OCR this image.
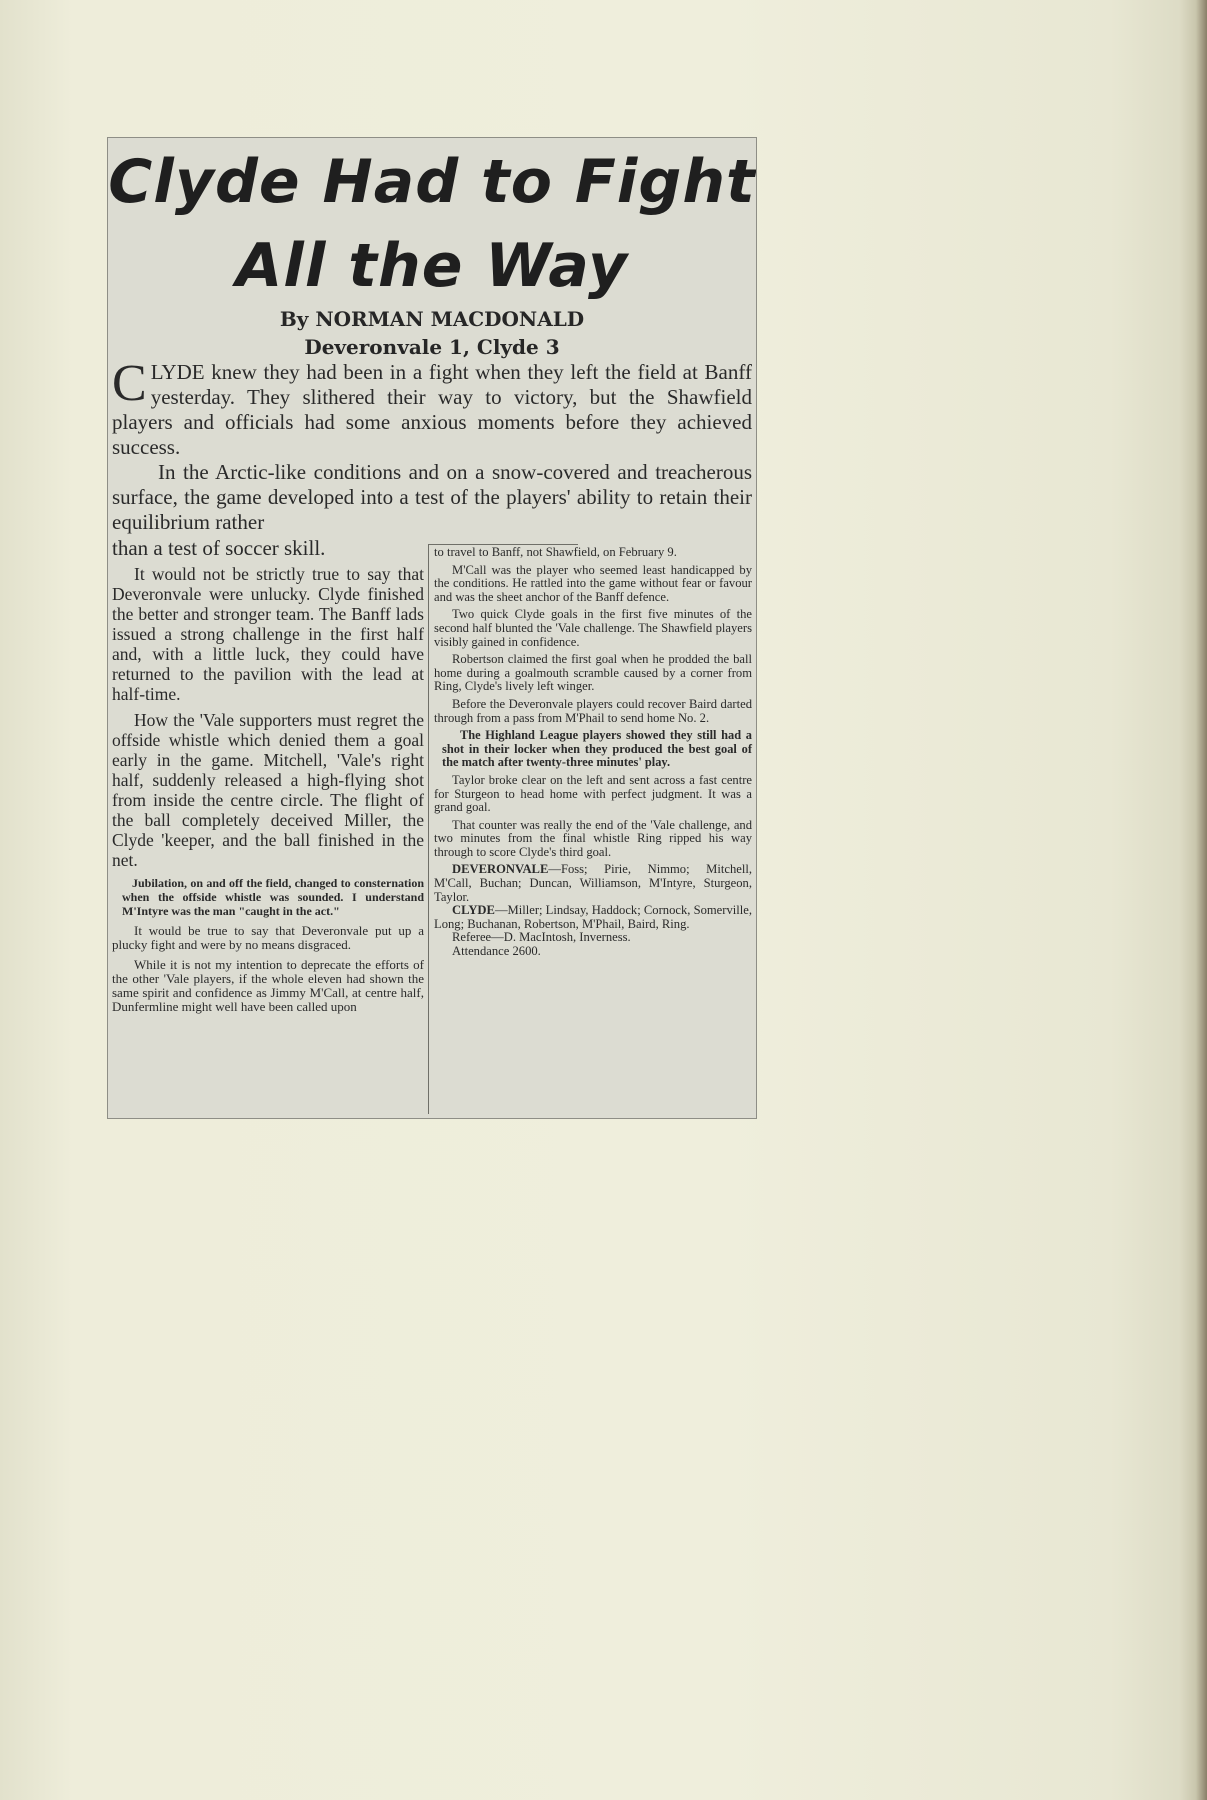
Clyde Had to Fight
All the Way
By NORMAN MACDONALD
Deveronvale 1, Clyde 3

CLYDE knew they had been in a fight when they left the field at Banff yesterday. They slithered their way to victory, but the Shawfield players and officials had some anxious moments before they achieved success.

In the Arctic-like conditions and on a snow-covered and treacherous surface, the game developed into a test of the players' ability to retain their equilibrium rather

than a test of soccer skill.

It would not be strictly true to say that Deveronvale were unlucky. Clyde finished the better and stronger team. The Banff lads issued a strong challenge in the first half and, with a little luck, they could have returned to the pavilion with the lead at half-time.

How the 'Vale supporters must regret the offside whistle which denied them a goal early in the game. Mitchell, 'Vale's right half, suddenly released a high-flying shot from inside the centre circle. The flight of the ball completely deceived Miller, the Clyde 'keeper, and the ball finished in the net.

Jubilation, on and off the field, changed to consternation when the offside whistle was sounded. I understand M'Intyre was the man "caught in the act."

It would be true to say that Deveronvale put up a plucky fight and were by no means disgraced.

While it is not my intention to deprecate the efforts of the other 'Vale players, if the whole eleven had shown the same spirit and confidence as Jimmy M'Call, at centre half, Dunfermline might well have been called upon

to travel to Banff, not Shawfield, on February 9.

M'Call was the player who seemed least handicapped by the conditions. He rattled into the game without fear or favour and was the sheet anchor of the Banff defence.

Two quick Clyde goals in the first five minutes of the second half blunted the 'Vale challenge. The Shawfield players visibly gained in confidence.

Robertson claimed the first goal when he prodded the ball home during a goalmouth scramble caused by a corner from Ring, Clyde's lively left winger.

Before the Deveronvale players could recover Baird darted through from a pass from M'Phail to send home No. 2.

The Highland League players showed they still had a shot in their locker when they produced the best goal of the match after twenty-three minutes' play.

Taylor broke clear on the left and sent across a fast centre for Sturgeon to head home with perfect judgment. It was a grand goal.

That counter was really the end of the 'Vale challenge, and two minutes from the final whistle Ring ripped his way through to score Clyde's third goal.

DEVERONVALE—Foss; Pirie, Nimmo; Mitchell, M'Call, Buchan; Duncan, Williamson, M'Intyre, Sturgeon, Taylor.

CLYDE—Miller; Lindsay, Haddock; Cornock, Somerville, Long; Buchanan, Robertson, M'Phail, Baird, Ring.

Referee—D. MacIntosh, Inverness.

Attendance 2600.
